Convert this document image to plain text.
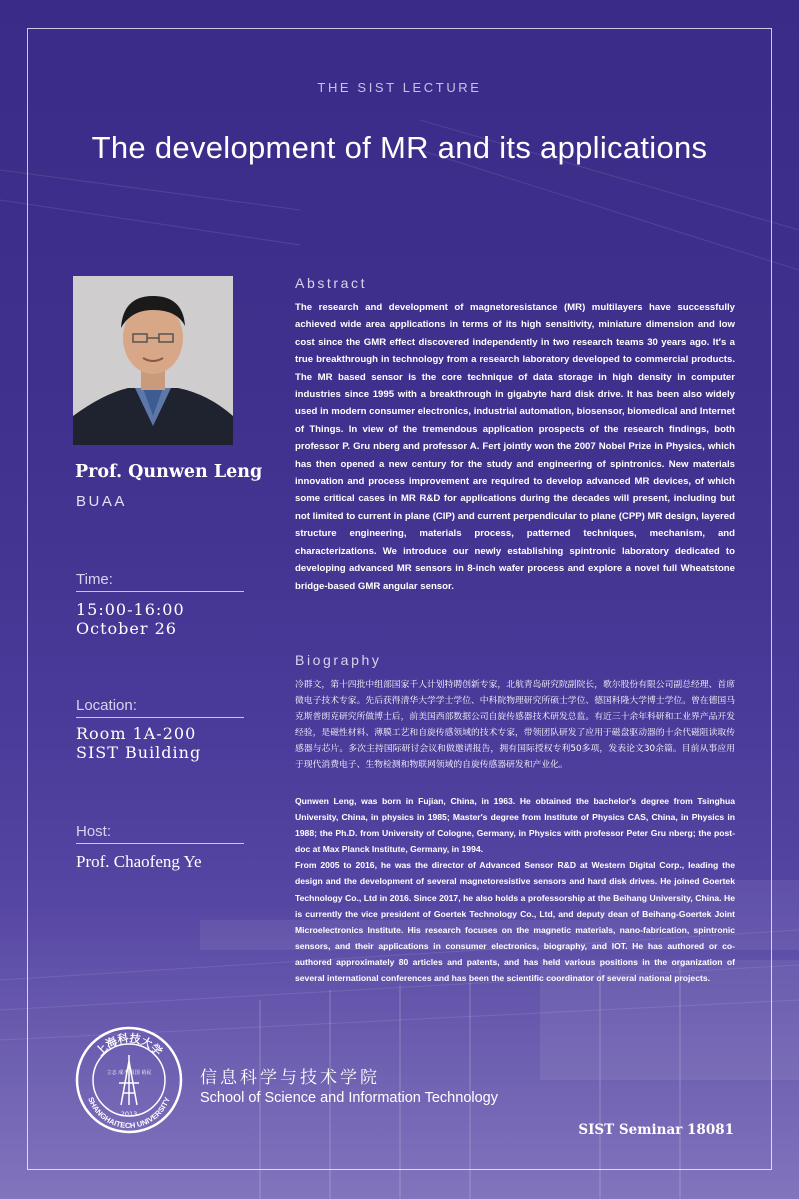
THE SIST LECTURE
The development of MR and its applications
Prof. Qunwen Leng
BUAA
Time:
15:00-16:00
October 26
Location:
Room 1A-200
SIST Building
Host:
Prof. Chaofeng Ye
Abstract
The research and development of magnetoresistance (MR) multilayers have successfully achieved wide area applications in terms of its high sensitivity, miniature dimension and low cost since the GMR effect discovered independently in two research teams 30 years ago. It′s a true breakthrough in technology from a research laboratory developed to commercial products. The MR based sensor is the core technique of data storage in high density in computer industries since 1995 with a breakthrough in gigabyte hard disk drive. It has been also widely used in modern consumer electronics, industrial automation, biosensor, biomedical and Internet of Things. In view of the tremendous application prospects of the research findings, both professor P. Gru nberg and professor A. Fert jointly won the 2007 Nobel Prize in Physics, which has then opened a new century for the study and engineering of spintronics. New materials innovation and process improvement are required to develop advanced MR devices, of which some critical cases in MR R&D for applications during the decades will present, including but not limited to current in plane (CIP) and current perpendicular to plane (CPP) MR design, layered structure engineering, materials process, patterned techniques, mechanism, and characterizations. We introduce our newly establishing spintronic laboratory dedicated to developing advanced MR sensors in 8-inch wafer process and explore a novel full Wheatstone bridge-based GMR angular sensor.
Biography
冷群文，第十四批中组部国家千人计划特聘创新专家，北航青岛研究院副院长，歌尔股份有限公司副总经理、首席微电子技术专家。先后获得清华大学学士学位、中科院物理研究所硕士学位、德国科隆大学博士学位。曾在德国马克斯普朗克研究所做博士后，前美国西部数据公司自旋传感器技术研发总监。有近三十余年科研和工业界产品开发经验，是磁性材料、薄膜工艺和自旋传感领域的技术专家，带领团队研发了应用于磁盘驱动器的十余代磁阻读取传感器与芯片。多次主持国际研讨会议和做邀请报告，拥有国际授权专利50多项，发表论文30余篇。目前从事应用于现代消费电子、生物检测和物联网领域的自旋传感器研发和产业化。

Qunwen Leng, was born in Fujian, China, in 1963. He obtained the bachelor′s degree from Tsinghua University, China, in physics in 1985; Master′s degree from Institute of Physics CAS, China, in Physics in 1988; the Ph.D. from University of Cologne, Germany, in Physics with professor Peter Gru nberg; the post-doc at Max Planck Institute, Germany, in 1994.

From 2005 to 2016, he was the director of Advanced Sensor R&D at Western Digital Corp., leading the design and the development of several magnetoresistive sensors and hard disk drives. He joined Goertek Technology Co., Ltd in 2016. Since 2017, he also holds a professorship at the Beihang University, China. He is currently the vice president of Goertek Technology Co., Ltd, and deputy dean of Beihang-Goertek Joint Microelectronics Institute. His research focuses on the magnetic materials, nano-fabrication, spintronic sensors, and their applications in consumer electronics, biography, and IOT. He has authored or co-authored approximately 80 articles and patents, and has held various positions in the organization of several international conferences and has been the scientific coordinator of several national projects.

上海科技大学
SHANGHAITECH UNIVERSITY
2013
立志 成才 报国 裕民	信息科学与技术学院
School of Science and Information Technology
SIST Seminar 18081
